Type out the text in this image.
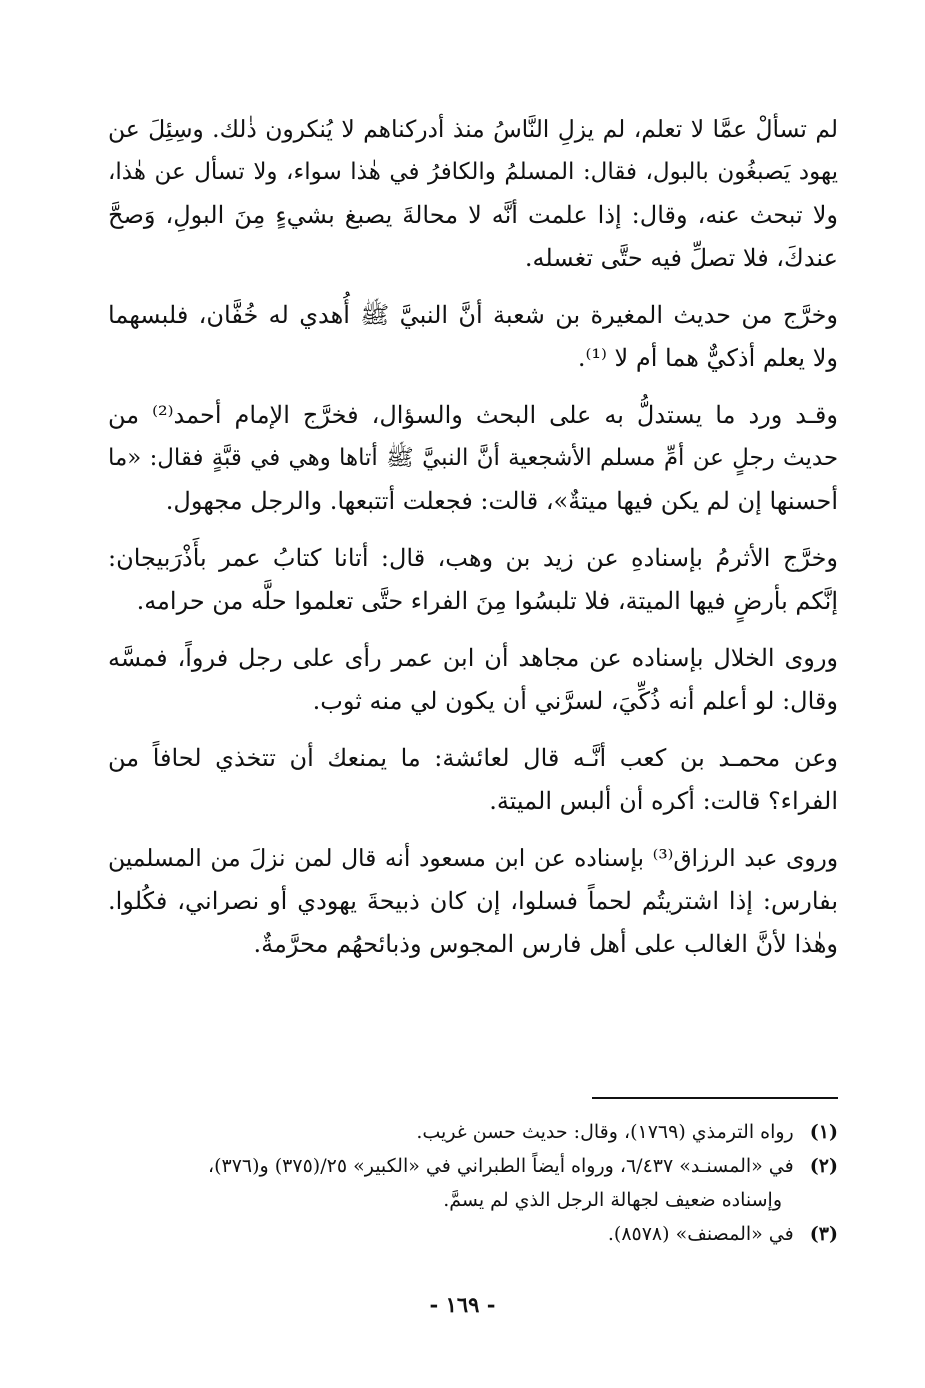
لم تسألْ عمَّا لا تعلم، لم يزلِ النَّاسُ منذ أدركناهم لا يُنكرون ذٰلك. وسِئِلَ عن
يهود يَصبغُون بالبول، فقال: المسلمُ والكافرُ في هٰذا سواء، ولا تسأل عن هٰذا،
ولا تبحث عنه، وقال: إذا علمت أنَّه لا محالةَ يصبغ بشيءٍ مِنَ البولِ، وَصحَّ
عندكَ، فلا تصلِّ فيه حتَّى تغسله.
وخرَّج من حديث المغيرة بن شعبة أنَّ النبيَّ ﷺ أُهدي له خُفَّان، فلبسهما
ولا يعلم أذكيٌّ هما أم لا ⁽¹⁾.
وقـد ورد ما يستدلُّ به على البحث والسؤال، فخرَّج الإمام أحمد⁽²⁾ من
حديث رجلٍ عن أمِّ مسلم الأشجعية أنَّ النبيَّ ﷺ أتاها وهي في قبَّةٍ فقال: «ما
أحسنها إن لم يكن فيها ميتةٌ»، قالت: فجعلت أتتبعها. والرجل مجهول.
وخرَّج الأثرمُ بإسنادهِ عن زيد بن وهب، قال: أتانا كتابُ عمر بأَذْرَبيجان:
إنَّكم بأرضٍ فيها الميتة، فلا تلبسُوا مِنَ الفراء حتَّى تعلموا حلَّه من حرامه.
وروى الخلال بإسناده عن مجاهد أن ابن عمر رأى على رجل فرواً، فمسَّه
وقال: لو أعلم أنه ذُكِّيَ، لسرَّني أن يكون لي منه ثوب.
وعن محمـد بن كعب أنَّـه قال لعائشة: ما يمنعك أن تتخذي لحافاً من
الفراء؟ قالت: أكره أن ألبس الميتة.
وروى عبد الرزاق⁽³⁾ بإسناده عن ابن مسعود أنه قال لمن نزلَ من المسلمين
بفارس: إذا اشتريتُم لحماً فسلوا، إن كان ذبيحةَ يهودي أو نصراني، فكُلوا.
وهٰذا لأنَّ الغالب على أهل فارس المجوس وذبائحهُم محرَّمةٌ.
(١) رواه الترمذي (١٧٦٩)، وقال: حديث حسن غريب.
(٢) في «المسنـد» ٦/٤٣٧، ورواه أيضاً الطبراني في «الكبير» ٢٥/(٣٧٥) و(٣٧٦)،
وإسناده ضعيف لجهالة الرجل الذي لم يسمَّ.
(٣) في «المصنف» (٨٥٧٨).
- ١٦٩ -
